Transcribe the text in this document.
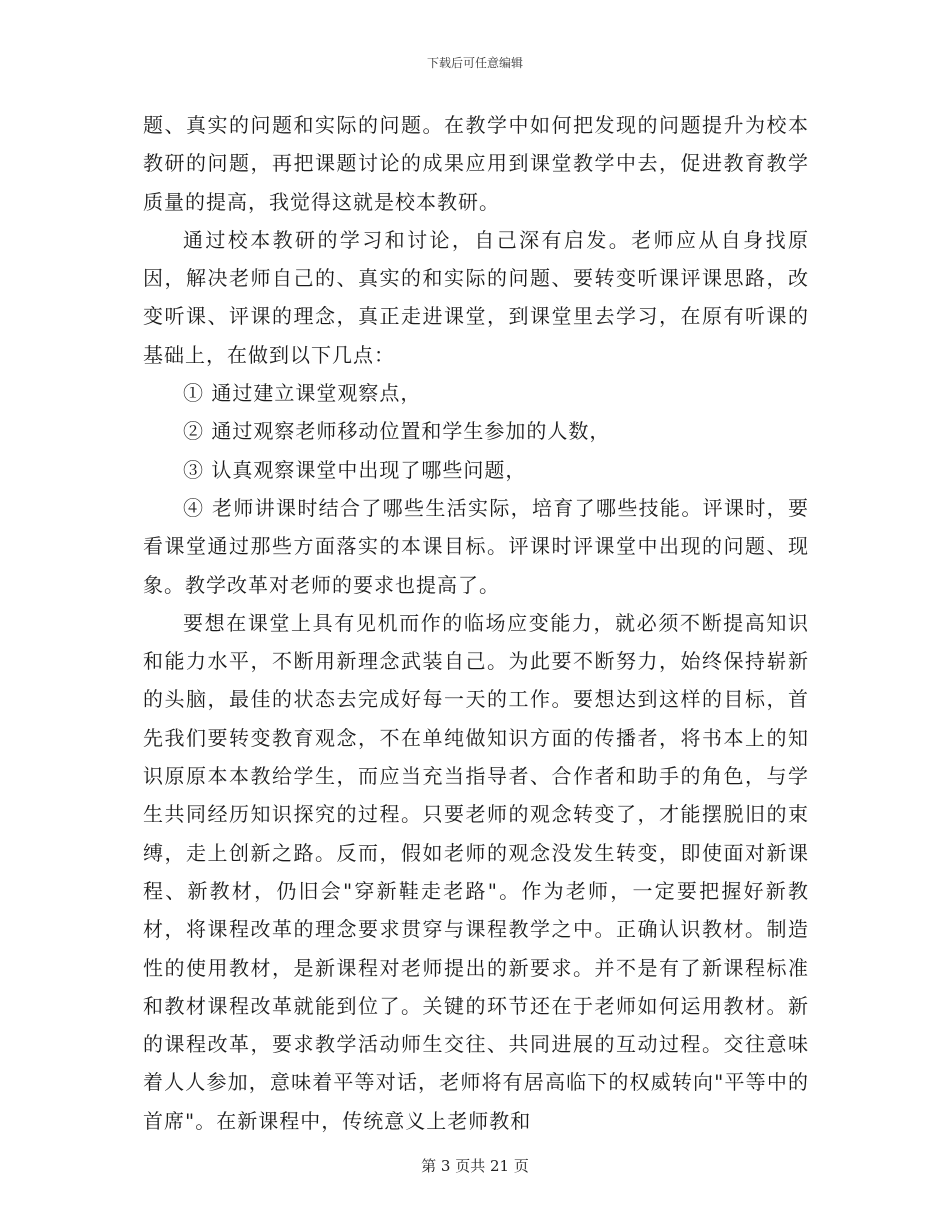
下载后可任意编辑

题、真实的问题和实际的问题。在教学中如何把发现的问题提升为校本教研的问题，再把课题讨论的成果应用到课堂教学中去，促进教育教学质量的提高，我觉得这就是校本教研。

通过校本教研的学习和讨论，自己深有启发。老师应从自身找原因，解决老师自己的、真实的和实际的问题、要转变听课评课思路，改变听课、评课的理念，真正走进课堂，到课堂里去学习，在原有听课的基础上，在做到以下几点：

① 通过建立课堂观察点，

② 通过观察老师移动位置和学生参加的人数，

③ 认真观察课堂中出现了哪些问题，

④ 老师讲课时结合了哪些生活实际，培育了哪些技能。评课时，要看课堂通过那些方面落实的本课目标。评课时评课堂中出现的问题、现象。教学改革对老师的要求也提高了。

要想在课堂上具有见机而作的临场应变能力，就必须不断提高知识和能力水平，不断用新理念武装自己。为此要不断努力，始终保持崭新的头脑，最佳的状态去完成好每一天的工作。要想达到这样的目标，首先我们要转变教育观念，不在单纯做知识方面的传播者，将书本上的知识原原本本教给学生，而应当充当指导者、合作者和助手的角色，与学生共同经历知识探究的过程。只要老师的观念转变了，才能摆脱旧的束缚，走上创新之路。反而，假如老师的观念没发生转变，即使面对新课程、新教材，仍旧会"穿新鞋走老路"。作为老师，一定要把握好新教材，将课程改革的理念要求贯穿与课程教学之中。正确认识教材。制造性的使用教材，是新课程对老师提出的新要求。并不是有了新课程标准和教材课程改革就能到位了。关键的环节还在于老师如何运用教材。新的课程改革，要求教学活动师生交往、共同进展的互动过程。交往意味着人人参加，意味着平等对话，老师将有居高临下的权威转向"平等中的首席"。在新课程中，传统意义上老师教和

第 3 页共 21 页
